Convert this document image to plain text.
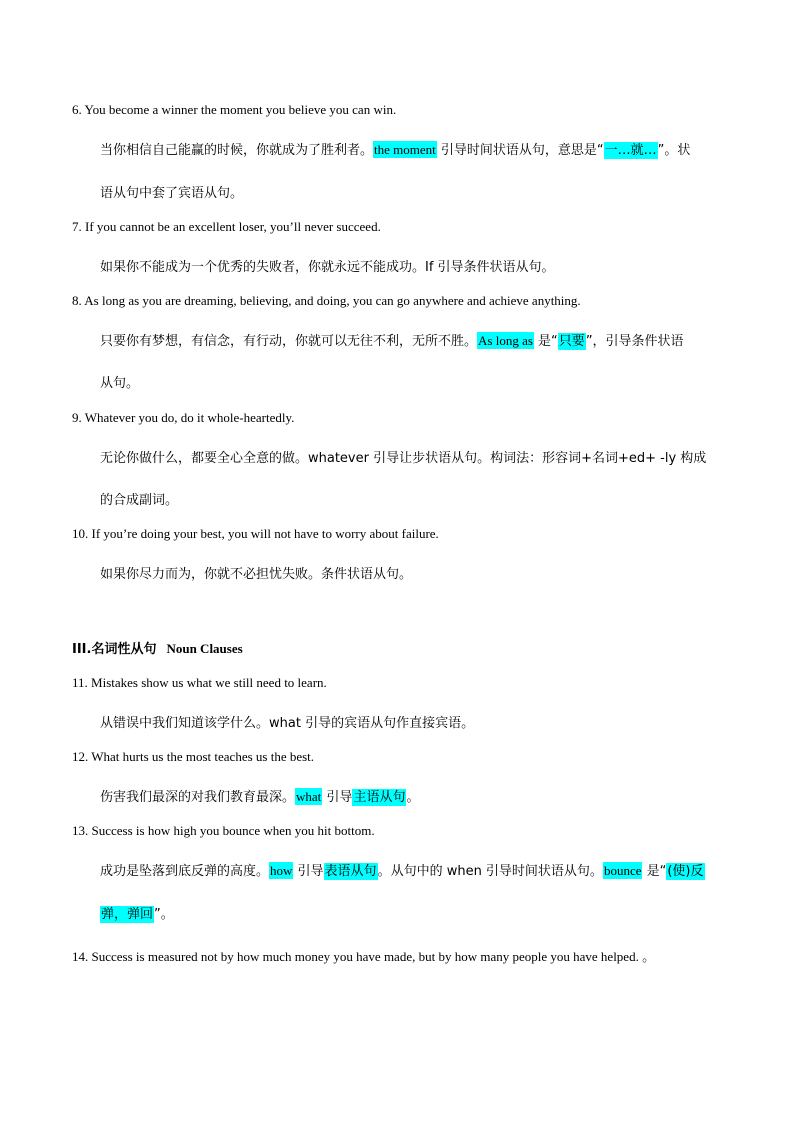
6. You become a winner the moment you believe you can win.
当你相信自己能赢的时候，你就成为了胜利者。the moment 引导时间状语从句，意思是“一…就…”。状
语从句中套了宾语从句。
7. If you cannot be an excellent loser, you’ll never succeed.
如果你不能成为一个优秀的失败者，你就永远不能成功。If 引导条件状语从句。
8. As long as you are dreaming, believing, and doing, you can go anywhere and achieve anything.
只要你有梦想，有信念，有行动，你就可以无往不利，无所不胜。As long as 是“只要”，引导条件状语
从句。
9. Whatever you do, do it whole-heartedly.
无论你做什么，都要全心全意的做。whatever 引导让步状语从句。构词法：形容词+名词+ed+ -ly 构成
的合成副词。
10. If you’re doing your best, you will not have to worry about failure.
如果你尽力而为，你就不必担忧失败。条件状语从句。
III.名词性从句 Noun Clauses
11. Mistakes show us what we still need to learn.
从错误中我们知道该学什么。what 引导的宾语从句作直接宾语。
12. What hurts us the most teaches us the best.
伤害我们最深的对我们教育最深。what 引导主语从句。
13. Success is how high you bounce when you hit bottom.
成功是坠落到底反弹的高度。how 引导表语从句。从句中的 when 引导时间状语从句。bounce 是“(使)反
弹，弹回”。
14. Success is measured not by how much money you have made, but by how many people you have helped. 。
